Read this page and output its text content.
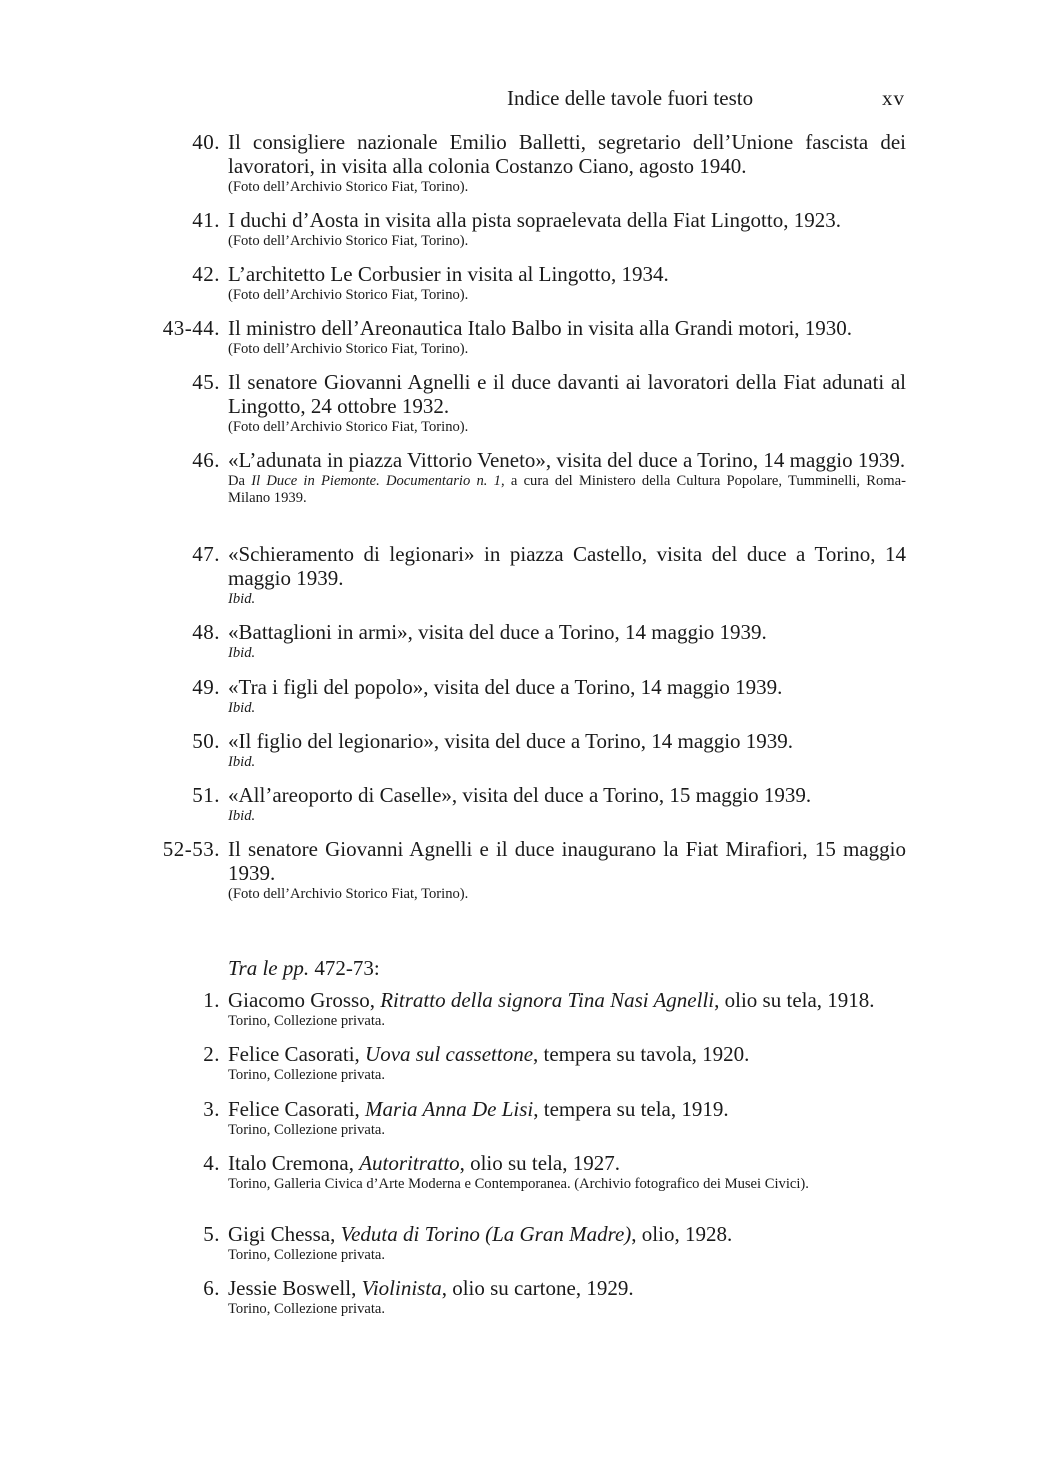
Indice delle tavole fuori testo	xv
40. Il consigliere nazionale Emilio Balletti, segretario dell’Unione fascista dei lavoratori, in visita alla colonia Costanzo Ciano, agosto 1940.
(Foto dell’Archivio Storico Fiat, Torino).
41. I duchi d’Aosta in visita alla pista sopraelevata della Fiat Lingotto, 1923.
(Foto dell’Archivio Storico Fiat, Torino).
42. L’architetto Le Corbusier in visita al Lingotto, 1934.
(Foto dell’Archivio Storico Fiat, Torino).
43-44. Il ministro dell’Areonautica Italo Balbo in visita alla Grandi motori, 1930.
(Foto dell’Archivio Storico Fiat, Torino).
45. Il senatore Giovanni Agnelli e il duce davanti ai lavoratori della Fiat adunati al Lingotto, 24 ottobre 1932.
(Foto dell’Archivio Storico Fiat, Torino).
46. «L’adunata in piazza Vittorio Veneto», visita del duce a Torino, 14 maggio 1939.
Da Il Duce in Piemonte. Documentario n. 1, a cura del Ministero della Cultura Popolare, Tumminelli, Roma-Milano 1939.
47. «Schieramento di legionari» in piazza Castello, visita del duce a Torino, 14 maggio 1939.
Ibid.
48. «Battaglioni in armi», visita del duce a Torino, 14 maggio 1939.
Ibid.
49. «Tra i figli del popolo», visita del duce a Torino, 14 maggio 1939.
Ibid.
50. «Il figlio del legionario», visita del duce a Torino, 14 maggio 1939.
Ibid.
51. «All’areoporto di Caselle», visita del duce a Torino, 15 maggio 1939.
Ibid.
52-53. Il senatore Giovanni Agnelli e il duce inaugurano la Fiat Mirafiori, 15 maggio 1939.
(Foto dell’Archivio Storico Fiat, Torino).
Tra le pp. 472-73:
1. Giacomo Grosso, Ritratto della signora Tina Nasi Agnelli, olio su tela, 1918.
Torino, Collezione privata.
2. Felice Casorati, Uova sul cassettone, tempera su tavola, 1920.
Torino, Collezione privata.
3. Felice Casorati, Maria Anna De Lisi, tempera su tela, 1919.
Torino, Collezione privata.
4. Italo Cremona, Autoritratto, olio su tela, 1927.
Torino, Galleria Civica d’Arte Moderna e Contemporanea. (Archivio fotografico dei Musei Civici).
5. Gigi Chessa, Veduta di Torino (La Gran Madre), olio, 1928.
Torino, Collezione privata.
6. Jessie Boswell, Violinista, olio su cartone, 1929.
Torino, Collezione privata.
